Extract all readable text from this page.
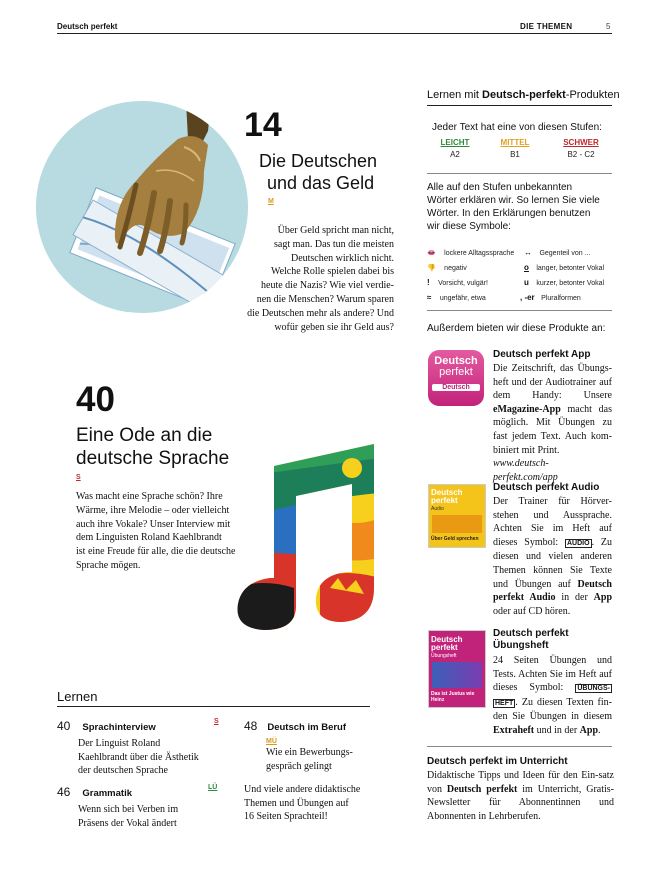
Deutsch perfekt	DIE THEMEN	5
14
Die Deutschen
und das Geld
M
Über Geld spricht man nicht,
sagt man. Das tun die meisten
Deutschen wirklich nicht.
Welche Rolle spielen dabei bis
heute die Nazis? Wie viel verdie-
nen die Menschen? Warum sparen
die Deutschen mehr als andere? Und
wofür geben sie ihr Geld aus?
40
Eine Ode an die
deutsche Sprache
S
Was macht eine Sprache schön? Ihre
Wärme, ihre Melodie – oder vielleicht
auch ihre Vokale? Unser Interview mit
dem Linguisten Roland Kaehlbrandt
ist eine Freude für alle, die die deutsche
Sprache mögen.
Lernen
40 Sprachinterview
S
Der Linguist Roland
Kaehlbrandt über die Ästhetik
der deutschen Sprache
48 Deutsch im Beruf
MÜ
Wie ein Bewerbungs-
gespräch gelingt
46 Grammatik
LÜ
Wenn sich bei Verben im
Präsens der Vokal ändert
Und viele andere didaktische
Themen und Übungen auf
16 Seiten Sprachteil!
Lernen mit Deutsch-perfekt-Produkten
Jeder Text hat eine von diesen Stufen:
LEICHT
A2
MITTEL
B1
SCHWER
B2 - C2
Alle auf den Stufen unbekannten
Wörter erklären wir. So lernen Sie viele
Wörter. In den Erklärungen benutzen
wir diese Symbole:
👄 lockere Alltagssprache
👎 negativ
! Vorsicht, vulgär!
≈ ungefähr, etwa
↔ Gegenteil von ...
o langer, betonter Vokal
u kurzer, betonter Vokal
, -er Pluralformen
Außerdem bieten wir diese Produkte an:
Deutsch
perfekt
Deutsch
Deutsch perfekt App
Die Zeitschrift, das Übungs-heft und der Audiotrainer auf dem Handy: Unsere eMagazine-App macht das möglich. Mit Übungen zu fast jedem Text. Auch kom-biniert mit Print.
www.deutsch-perfekt.com/app
Deutsch perfekt
Audio
Über Geld sprechen
Deutsch perfekt Audio
Der Trainer für Hörver-stehen und Aussprache. Achten Sie im Heft auf dieses Symbol: AUDIO . Zu diesen und vielen anderen Themen können Sie Texte und Übungen auf Deutsch perfekt Audio in der App oder auf CD hören.
Deutsch perfekt
Übungsheft
Das ist Justus wie Heinz
Deutsch perfekt
Übungsheft
24 Seiten Übungen und Tests. Achten Sie im Heft auf dieses Symbol: ÜBUNGS- HEFT . Zu diesen Texten fin-den Sie Übungen in diesem Extraheft und in der App.
Deutsch perfekt im Unterricht
Didaktische Tipps und Ideen für den Ein-satz von Deutsch perfekt im Unterricht, Gratis-Newsletter für Abonnentinnen und Abonnenten in Lehrberufen.
